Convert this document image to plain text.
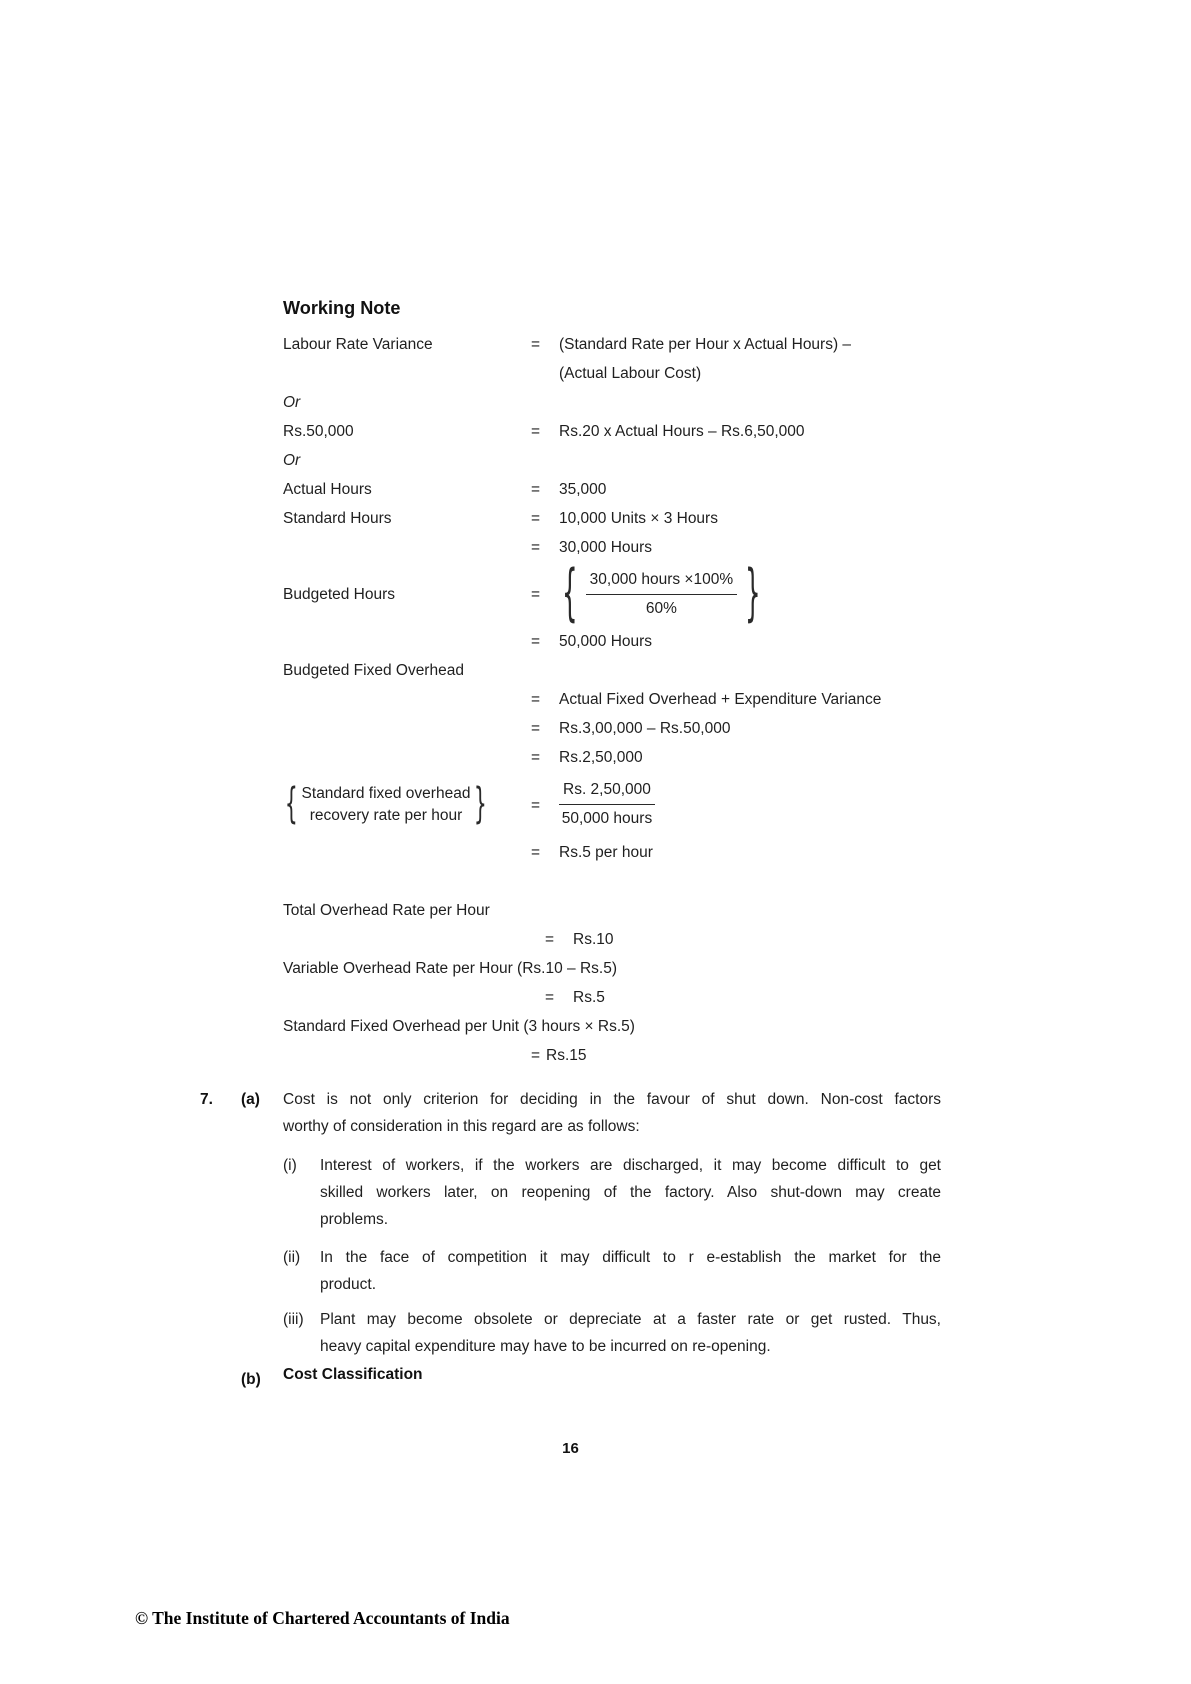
Working Note
Labour Rate Variance	=	(Standard Rate per Hour x Actual Hours) –
(Actual Labour Cost)
Or
Rs.50,000	=	Rs.20 x Actual Hours – Rs.6,50,000
Or
Actual Hours	=	35,000
Standard Hours	=	10,000 Units × 3 Hours
=	30,000 Hours
Budgeted Hours	= { $\frac{\text{30,000 hours ×100\%}}{60\%}$ }
=	50,000 Hours
Budgeted Fixed Overhead
=	Actual Fixed Overhead + Expenditure Variance
=	Rs.3,00,000 – Rs.50,000
=	Rs.2,50,000
{ Standard fixed overhead
recovery rate per hour }	=	$\frac{Rs. 2,50,000}{\text{50,000 hours}}$
=	Rs.5 per hour
Total Overhead Rate per Hour
=	Rs.10
Variable Overhead Rate per Hour (Rs.10 – Rs.5)
=	Rs.5
Standard Fixed Overhead per Unit (3 hours × Rs.5)
= Rs.15
7.	(a)	Cost is not only criterion for deciding in the favour of shut down. Non-cost factors
worthy of consideration in this regard are as follows:
(i)	Interest of workers, if the workers are discharged, it may become difficult to get
skilled workers later, on reopening of the factory. Also shut-down may create
problems.
(ii)	In the face of competition it may difficult to r e-establish the market for the
product.
(iii)	Plant may become obsolete or depreciate at a faster rate or get rusted. Thus,
heavy capital expenditure may have to be incurred on re-opening.
(b)	Cost Classification
16
© The Institute of Chartered Accountants of India
